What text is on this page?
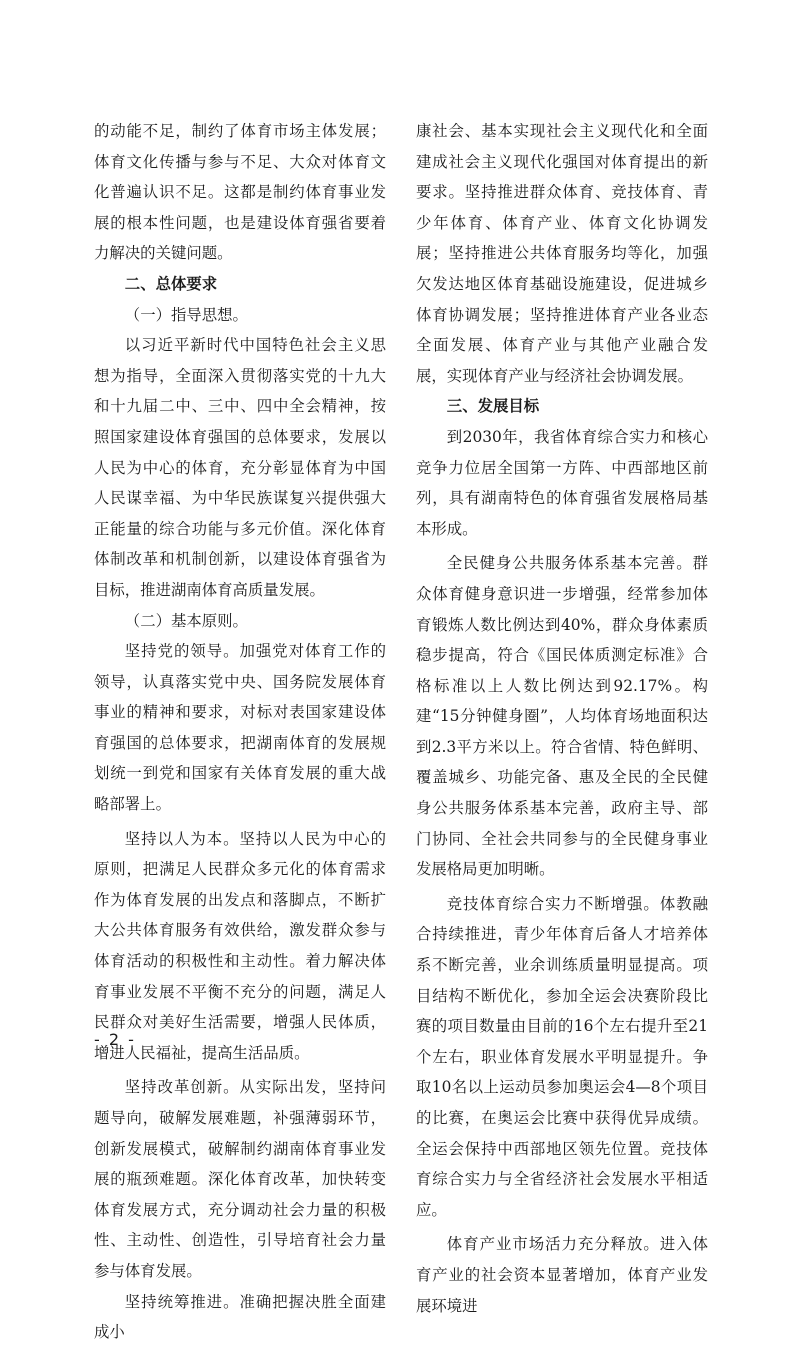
的动能不足，制约了体育市场主体发展；体育文化传播与参与不足、大众对体育文化普遍认识不足。这都是制约体育事业发展的根本性问题，也是建设体育强省要着力解决的关键问题。

二、总体要求

（一）指导思想。

以习近平新时代中国特色社会主义思想为指导，全面深入贯彻落实党的十九大和十九届二中、三中、四中全会精神，按照国家建设体育强国的总体要求，发展以人民为中心的体育，充分彰显体育为中国人民谋幸福、为中华民族谋复兴提供强大正能量的综合功能与多元价值。深化体育体制改革和机制创新，以建设体育强省为目标，推进湖南体育高质量发展。

（二）基本原则。

坚持党的领导。加强党对体育工作的领导，认真落实党中央、国务院发展体育事业的精神和要求，对标对表国家建设体育强国的总体要求，把湖南体育的发展规划统一到党和国家有关体育发展的重大战略部署上。

坚持以人为本。坚持以人民为中心的原则，把满足人民群众多元化的体育需求作为体育发展的出发点和落脚点，不断扩大公共体育服务有效供给，激发群众参与体育活动的积极性和主动性。着力解决体育事业发展不平衡不充分的问题，满足人民群众对美好生活需要，增强人民体质，增进人民福祉，提高生活品质。

坚持改革创新。从实际出发，坚持问题导向，破解发展难题，补强薄弱环节，创新发展模式，破解制约湖南体育事业发展的瓶颈难题。深化体育改革，加快转变体育发展方式，充分调动社会力量的积极性、主动性、创造性，引导培育社会力量参与体育发展。

坚持统筹推进。准确把握决胜全面建成小

康社会、基本实现社会主义现代化和全面建成社会主义现代化强国对体育提出的新要求。坚持推进群众体育、竞技体育、青少年体育、体育产业、体育文化协调发展；坚持推进公共体育服务均等化，加强欠发达地区体育基础设施建设，促进城乡体育协调发展；坚持推进体育产业各业态全面发展、体育产业与其他产业融合发展，实现体育产业与经济社会协调发展。

三、发展目标

到2030年，我省体育综合实力和核心竞争力位居全国第一方阵、中西部地区前列，具有湖南特色的体育强省发展格局基本形成。

全民健身公共服务体系基本完善。群众体育健身意识进一步增强，经常参加体育锻炼人数比例达到40%，群众身体素质稳步提高，符合《国民体质测定标准》合格标准以上人数比例达到92.17%。构建“15分钟健身圈”，人均体育场地面积达到2.3平方米以上。符合省情、特色鲜明、覆盖城乡、功能完备、惠及全民的全民健身公共服务体系基本完善，政府主导、部门协同、全社会共同参与的全民健身事业发展格局更加明晰。

竞技体育综合实力不断增强。体教融合持续推进，青少年体育后备人才培养体系不断完善，业余训练质量明显提高。项目结构不断优化，参加全运会决赛阶段比赛的项目数量由目前的16个左右提升至21个左右，职业体育发展水平明显提升。争取10名以上运动员参加奥运会4—8个项目的比赛，在奥运会比赛中获得优异成绩。全运会保持中西部地区领先位置。竞技体育综合实力与全省经济社会发展水平相适应。

体育产业市场活力充分释放。进入体育产业的社会资本显著增加，体育产业发展环境进

- 2 -
